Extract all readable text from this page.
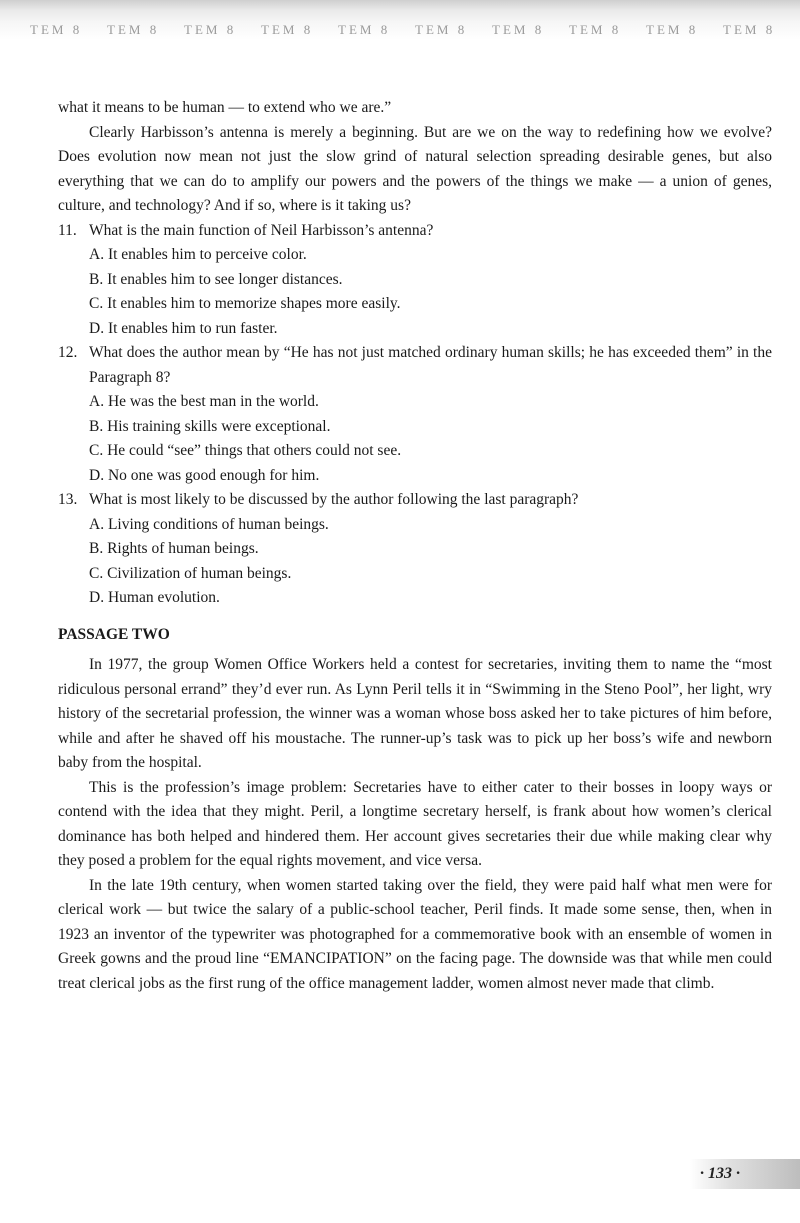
TEM 8	TEM 8	TEM 8	TEM 8	TEM 8	TEM 8	TEM 8	TEM 8	TEM 8	TEM 8

what it means to be human — to extend who we are.”

Clearly Harbisson’s antenna is merely a beginning. But are we on the way to redefining how we evolve? Does evolution now mean not just the slow grind of natural selection spreading desirable genes, but also everything that we can do to amplify our powers and the powers of the things we make — a union of genes, culture, and technology? And if so, where is it taking us?

11. What is the main function of Neil Harbisson’s antenna?

A. It enables him to perceive color.

B. It enables him to see longer distances.

C. It enables him to memorize shapes more easily.

D. It enables him to run faster.

12. What does the author mean by “He has not just matched ordinary human skills; he has exceeded them” in the Paragraph 8?

A. He was the best man in the world.

B. His training skills were exceptional.

C. He could “see” things that others could not see.

D. No one was good enough for him.

13. What is most likely to be discussed by the author following the last paragraph?

A. Living conditions of human beings.

B. Rights of human beings.

C. Civilization of human beings.

D. Human evolution.

PASSAGE TWO

In 1977, the group Women Office Workers held a contest for secretaries, inviting them to name the “most ridiculous personal errand” they’d ever run. As Lynn Peril tells it in “Swimming in the Steno Pool”, her light, wry history of the secretarial profession, the winner was a woman whose boss asked her to take pictures of him before, while and after he shaved off his moustache. The runner-up’s task was to pick up her boss’s wife and newborn baby from the hospital.

This is the profession’s image problem: Secretaries have to either cater to their bosses in loopy ways or contend with the idea that they might. Peril, a longtime secretary herself, is frank about how women’s clerical dominance has both helped and hindered them. Her account gives secretaries their due while making clear why they posed a problem for the equal rights movement, and vice versa.

In the late 19th century, when women started taking over the field, they were paid half what men were for clerical work — but twice the salary of a public-school teacher, Peril finds. It made some sense, then, when in 1923 an inventor of the typewriter was photographed for a commemorative book with an ensemble of women in Greek gowns and the proud line “EMANCIPATION” on the facing page. The downside was that while men could treat clerical jobs as the first rung of the office management ladder, women almost never made that climb.

· 133 ·
